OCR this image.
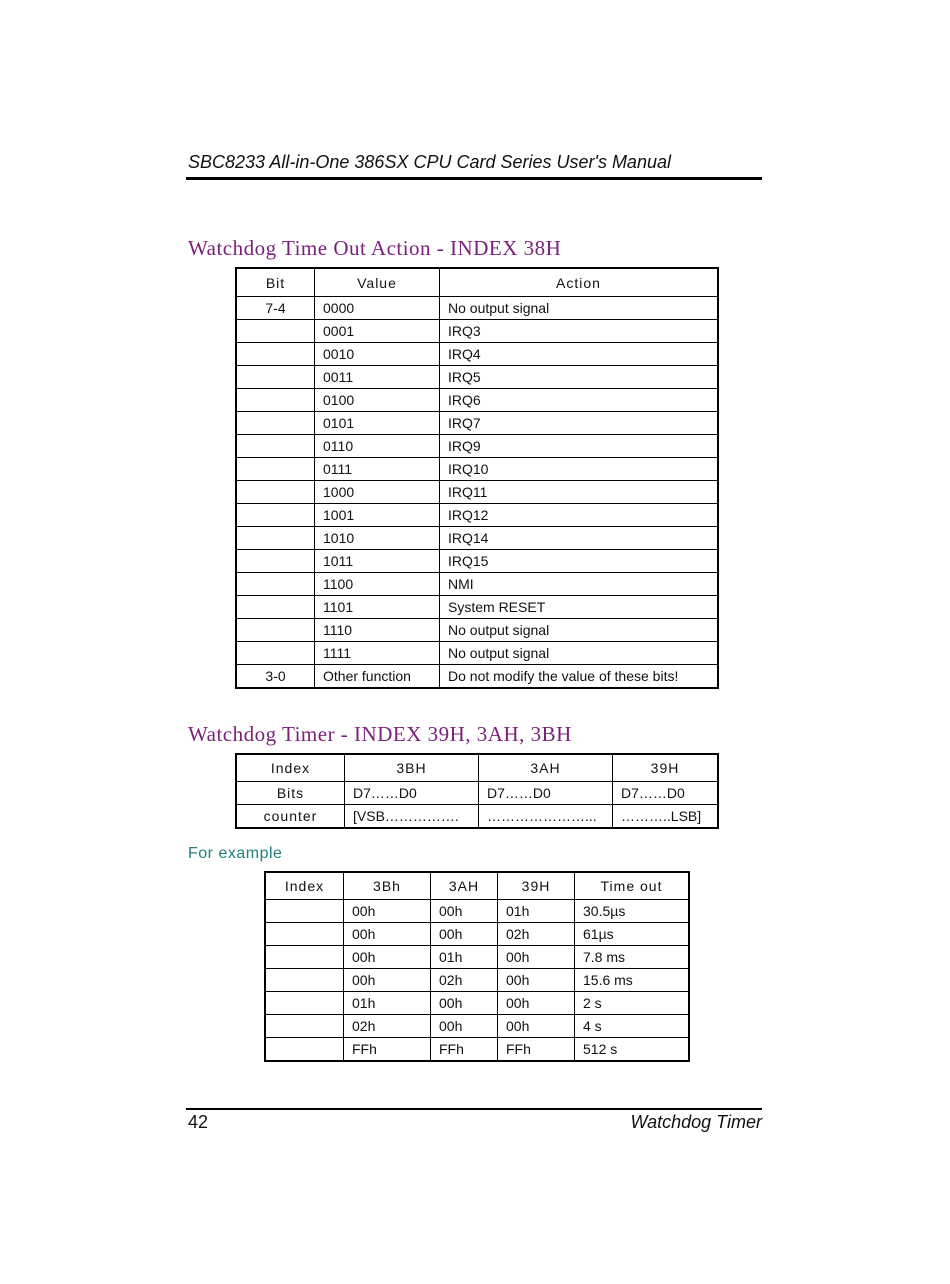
SBC8233 All-in-One 386SX CPU Card Series User's Manual
Watchdog Time Out Action - INDEX 38H
Bit	Value	Action
7-4	0000	No output signal
	0001	IRQ3
	0010	IRQ4
	0011	IRQ5
	0100	IRQ6
	0101	IRQ7
	0110	IRQ9
	0111	IRQ10
	1000	IRQ11
	1001	IRQ12
	1010	IRQ14
	1011	IRQ15
	1100	NMI
	1101	System RESET
	1110	No output signal
	1111	No output signal
3-0	Other function	Do not modify the value of these bits!
Watchdog Timer - INDEX 39H, 3AH, 3BH
Index	3BH	3AH	39H
Bits	D7……D0	D7……D0	D7……D0
counter	[VSB…………….	…………………...	………..LSB]
For example
Index	3Bh	3AH	39H	Time out
	00h	00h	01h	30.5µs
	00h	00h	02h	61µs
	00h	01h	00h	7.8 ms
	00h	02h	00h	15.6 ms
	01h	00h	00h	2 s
	02h	00h	00h	4 s
	FFh	FFh	FFh	512 s
42	Watchdog Timer
